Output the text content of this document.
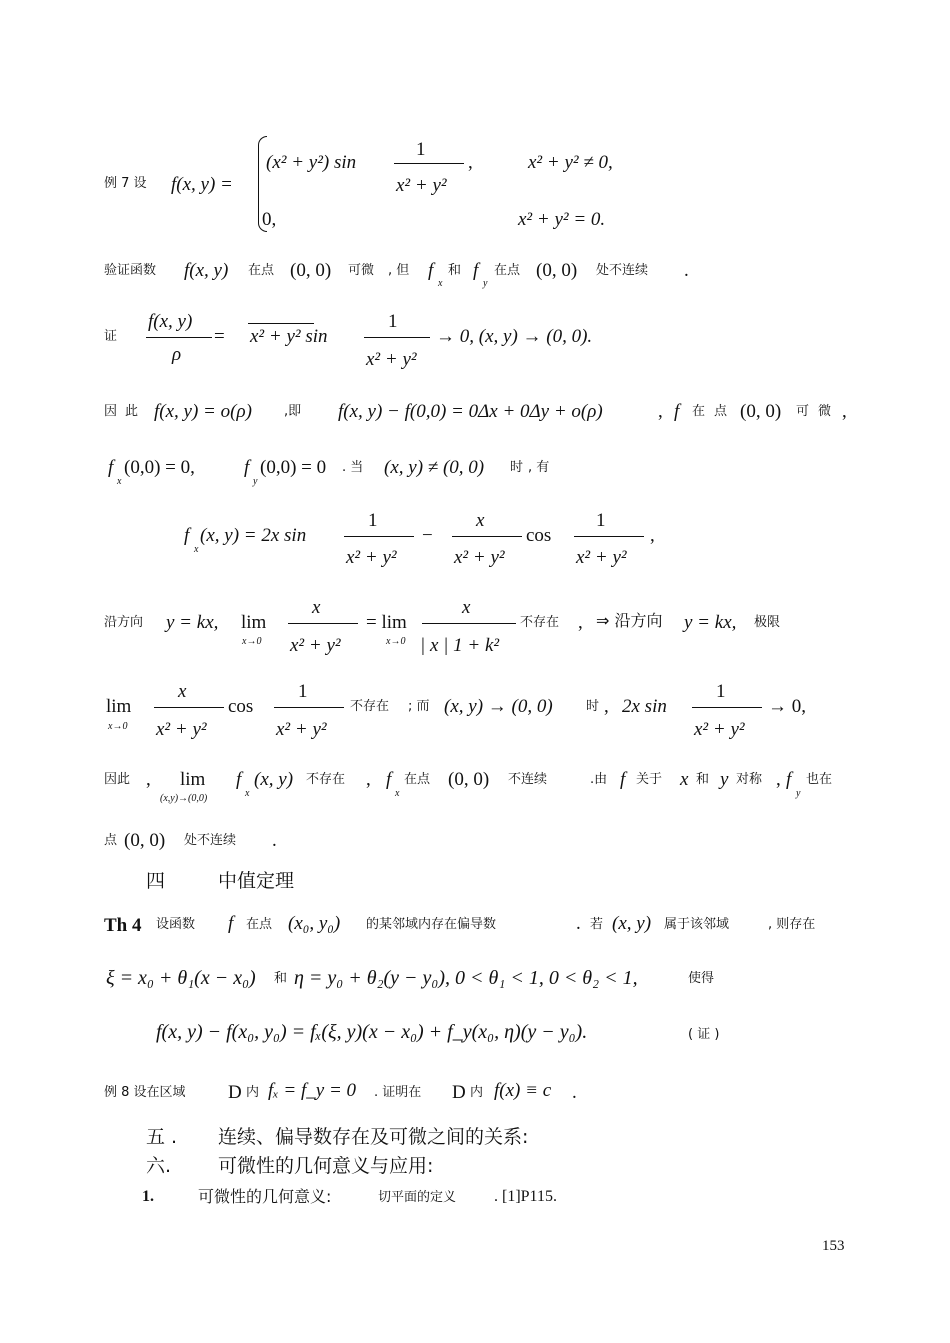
例 7 设 f(x, y) =
(x² + y²) sin
1
x² + y²
,	x² + y² ≠ 0,
0,	x² + y² = 0.
验证函数 f(x, y) 在点 (0, 0) 可微 , 但 f
x
和 f
y
在点 (0, 0) 处不连续 .
证
f(x, y)
ρ
= x² + y² sin
1
x² + y²
→ 0, (x, y) → (0, 0).
因 此 f(x, y) = ο(ρ) ,即 f(x, y) − f(0,0) = 0Δx + 0Δy + ο(ρ)	, f 在 点 (0, 0) 可 微 ,
f
x
(0,0) = 0,	f
y
(0,0) = 0 . 当 (x, y) ≠ (0, 0) 时 , 有
f
x
(x, y) = 2x sin
1
x² + y²
−
x
x² + y²
cos
1
x² + y²
,
沿方向 y = kx, lim
x→0
x
x² + y²
= lim
x→0
x
| x | 1 + k²
不存在 , ⇒ 沿方向 y = kx, 极限
lim
x→0
x
x² + y²
cos
1
x² + y²
不存在 ; 而 (x, y) → (0, 0)	时 , 2x sin
1
x² + y²
→ 0,
因此 , lim
(x,y)→(0,0)
f
x
(x, y) 不存在 , f
x
在点 (0, 0) 不连续	.由 f 关于 x 和 y 对称 , f
y
也在
点 (0, 0) 处不连续 .
四	中值定理
Th 4 设函数 f 在点 (x₀, y₀) 的某邻域内存在偏导数	. 若 (x, y) 属于该邻域	, 则存在
ξ = x₀ + θ₁(x − x₀) 和 η = y₀ + θ₂(y − y₀), 0 < θ₁ < 1, 0 < θ₂ < 1,	使得
f(x, y) − f(x₀, y₀) = fₓ(ξ, y)(x − x₀) + f_y(x₀, η)(y − y₀).	( 证 )
例 8 设在区域 D 内 fₓ = f_y = 0 . 证明在 D 内 f(x) ≡ c .
五 . 连续、偏导数存在及可微之间的关系:
六. 可微性的几何意义与应用:
1.	可微性的几何意义:	切平面的定义 . [1]P115.
153
